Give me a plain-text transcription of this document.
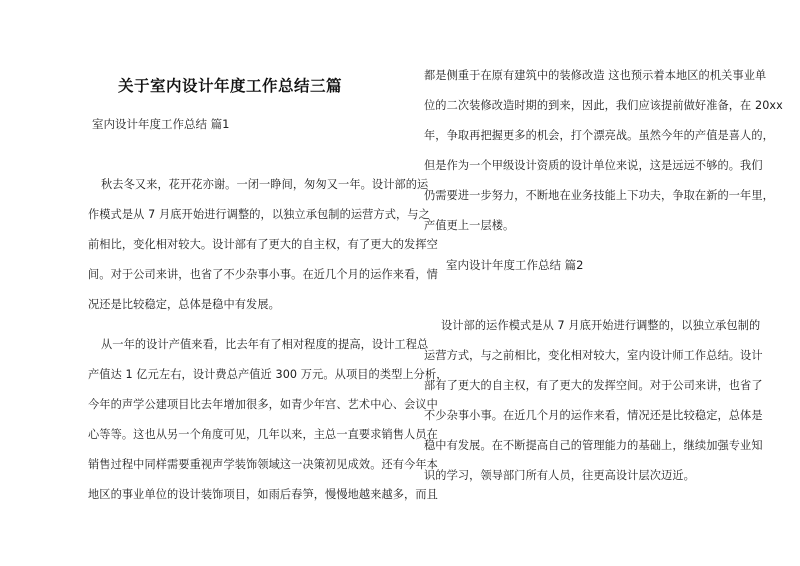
关于室内设计年度工作总结三篇
室内设计年度工作总结 篇1
秋去冬又来，花开花亦谢。一闭一睁间，匆匆又一年。设计部的运
作模式是从 7 月底开始进行调整的，以独立承包制的运营方式，与之
前相比，变化相对较大。设计部有了更大的自主权，有了更大的发挥空
间。对于公司来讲，也省了不少杂事小事。在近几个月的运作来看，情
况还是比较稳定，总体是稳中有发展。
从一年的设计产值来看，比去年有了相对程度的提高，设计工程总
产值达 1 亿元左右，设计费总产值近 300 万元。从项目的类型上分析，
今年的声学公建项目比去年增加很多，如青少年宫、艺术中心、会议中
心等等。这也从另一个角度可见，几年以来，主总一直要求销售人员在
销售过程中同样需要重视声学装饰领域这一决策初见成效。还有今年本
地区的事业单位的设计装饰项目，如雨后春笋，慢慢地越来越多，而且
都是侧重于在原有建筑中的装修改造 这也预示着本地区的机关事业单
位的二次装修改造时期的到来，因此，我们应该提前做好准备，在 20xx
年，争取再把握更多的机会，打个漂亮战。虽然今年的产值是喜人的，
但是作为一个甲级设计资质的设计单位来说，这是远远不够的。我们
仍需要进一步努力，不断地在业务技能上下功夫，争取在新的一年里，
产值更上一层楼。
室内设计年度工作总结 篇2
设计部的运作模式是从 7 月底开始进行调整的，以独立承包制的
运营方式，与之前相比，变化相对较大，室内设计师工作总结。设计
部有了更大的自主权，有了更大的发挥空间。对于公司来讲，也省了
不少杂事小事。在近几个月的运作来看，情况还是比较稳定，总体是
稳中有发展。在不断提高自己的管理能力的基础上，继续加强专业知
识的学习，领导部门所有人员，往更高设计层次迈近。
